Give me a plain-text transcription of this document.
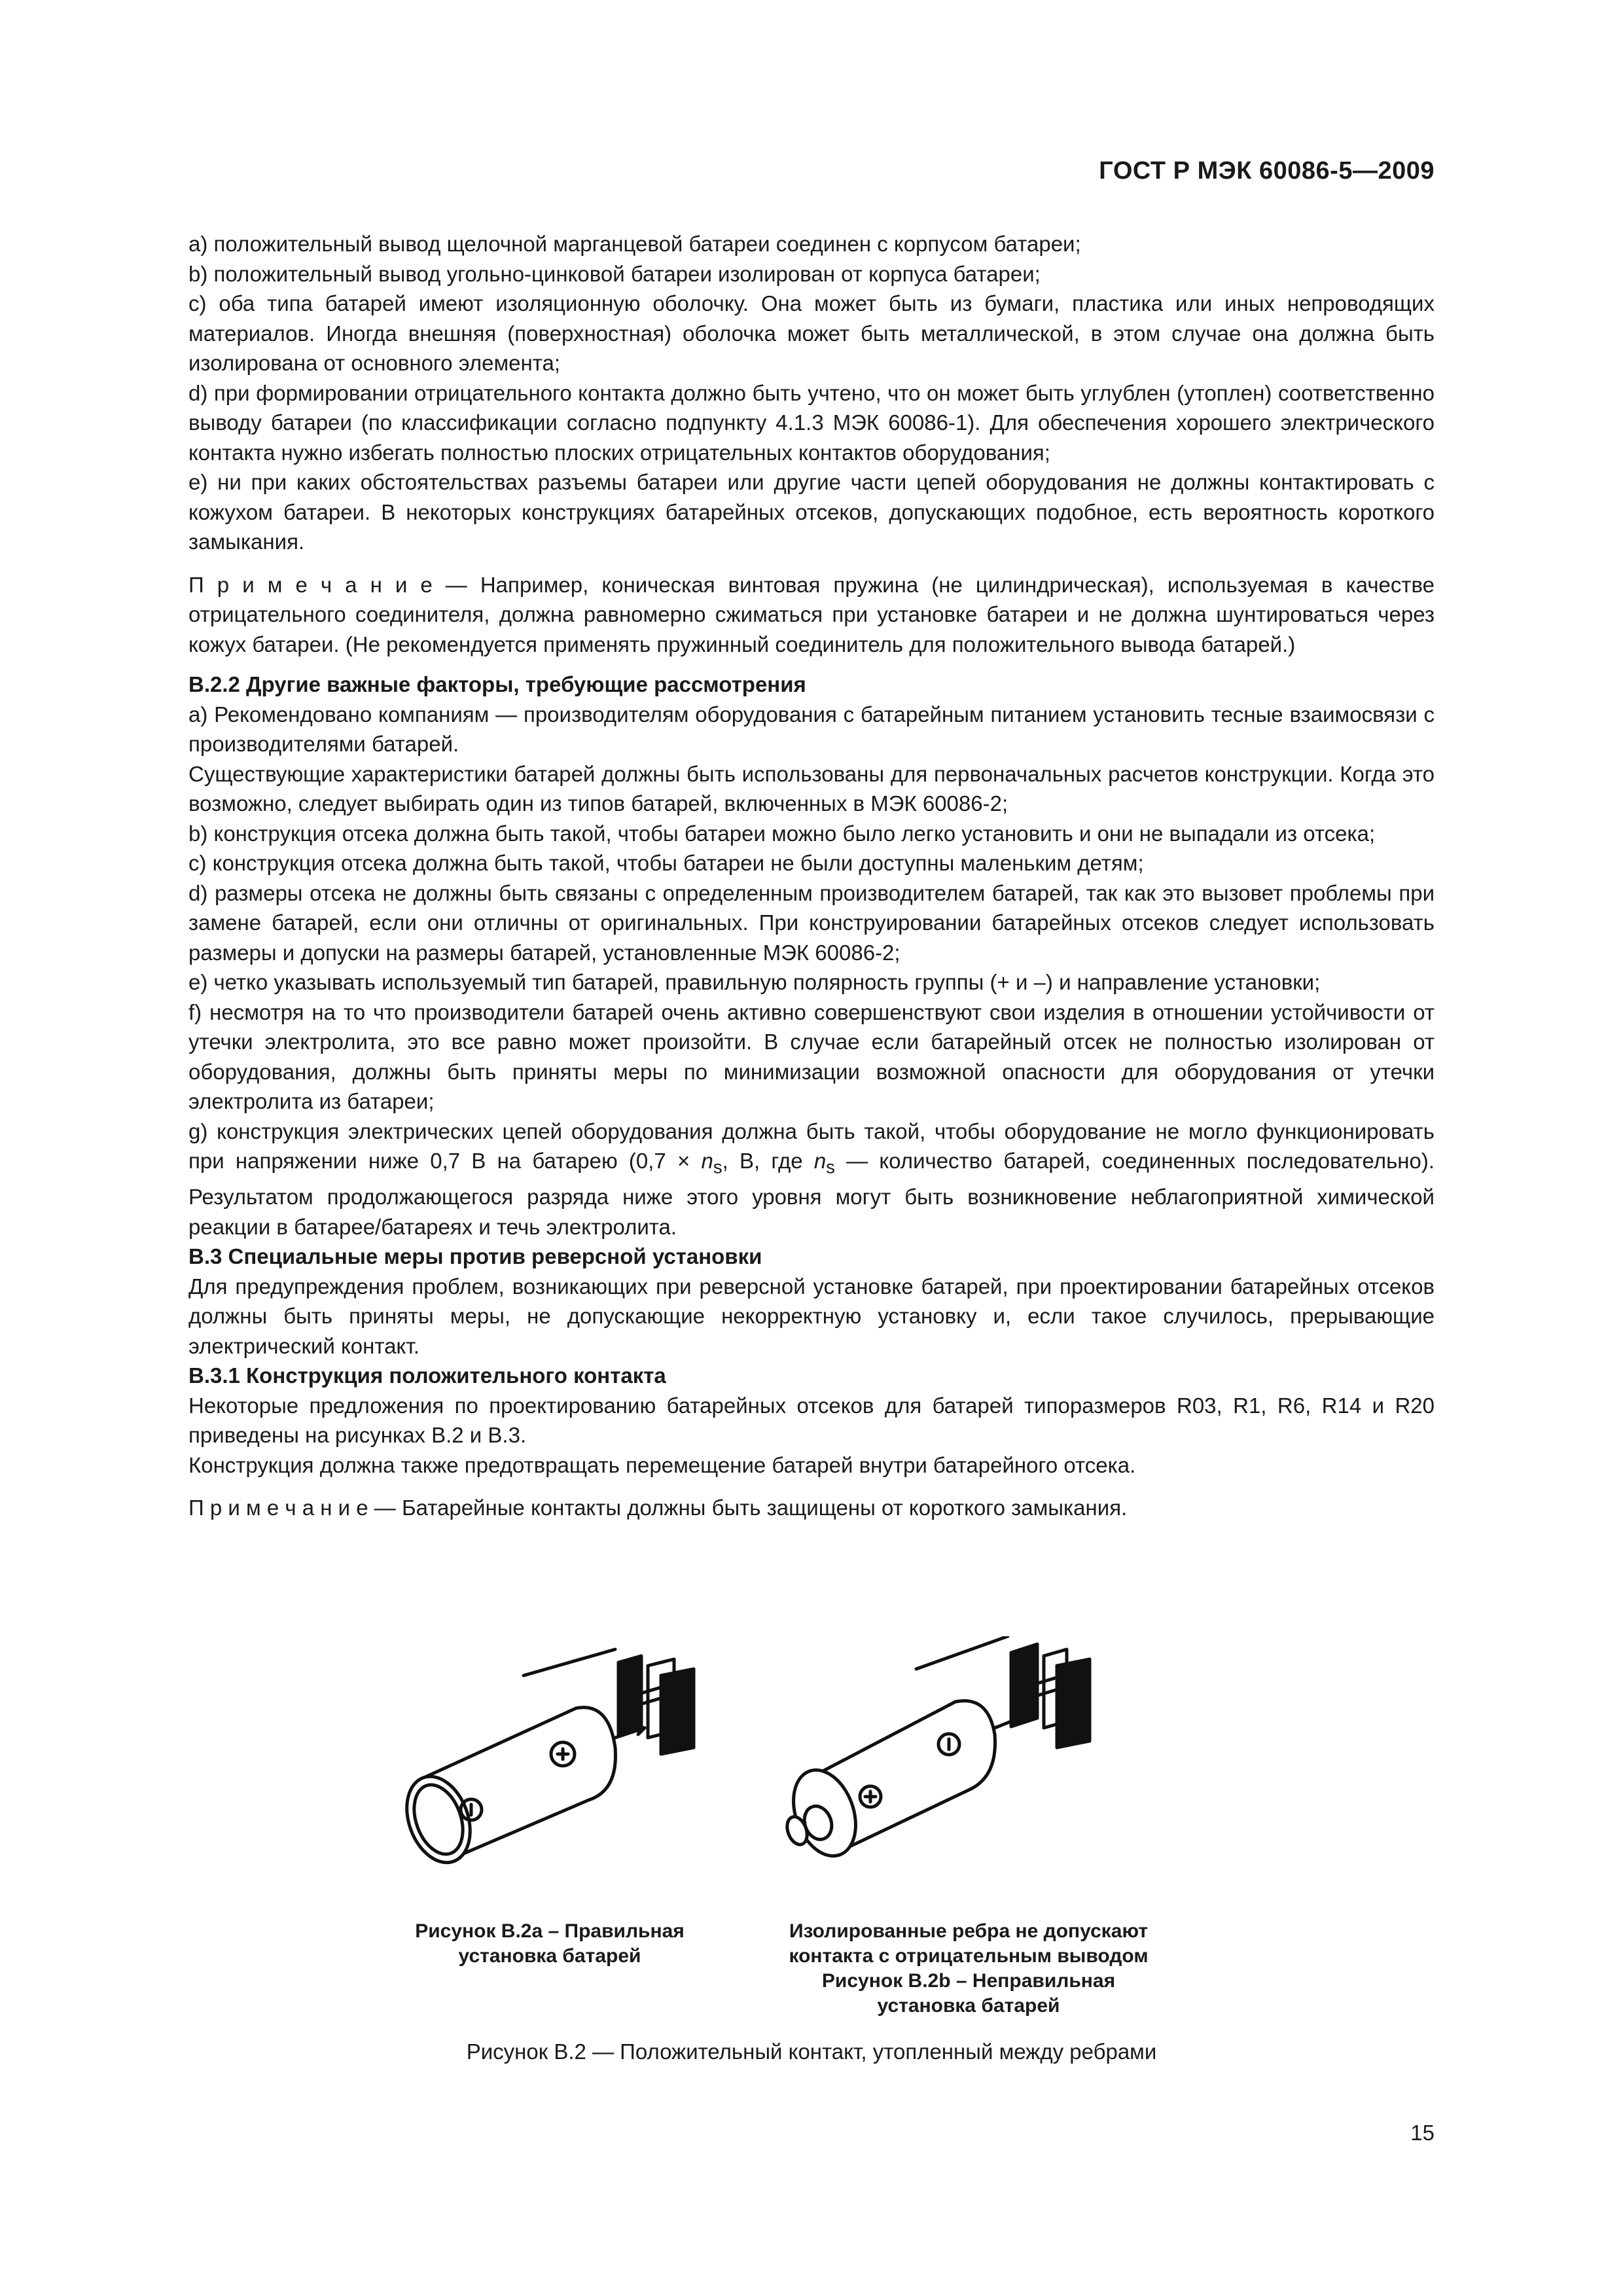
ГОСТ Р МЭК 60086-5—2009

a) положительный вывод щелочной марганцевой батареи соединен с корпусом батареи;

b) положительный вывод угольно-цинковой батареи изолирован от корпуса батареи;

с) оба типа батарей имеют изоляционную оболочку. Она может быть из бумаги, пластика или иных непроводящих материалов. Иногда внешняя (поверхностная) оболочка может быть металлической, в этом случае она должна быть изолирована от основного элемента;

d) при формировании отрицательного контакта должно быть учтено, что он может быть углублен (утоплен) соответственно выводу батареи (по классификации согласно подпункту 4.1.3 МЭК 60086-1). Для обеспечения хорошего электрического контакта нужно избегать полностью плоских отрицательных контактов оборудования;

е) ни при каких обстоятельствах разъемы батареи или другие части цепей оборудования не должны контактировать с кожухом батареи. В некоторых конструкциях батарейных отсеков, допускающих подобное, есть вероятность короткого замыкания.

П р и м е ч а н и е — Например, коническая винтовая пружина (не цилиндрическая), используемая в качестве отрицательного соединителя, должна равномерно сжиматься при установке батареи и не должна шунтироваться через кожух батареи. (Не рекомендуется применять пружинный соединитель для положительного вывода батарей.)

В.2.2 Другие важные факторы, требующие рассмотрения

а) Рекомендовано компаниям — производителям оборудования с батарейным питанием установить тесные взаимосвязи с производителями батарей.

Существующие характеристики батарей должны быть использованы для первоначальных расчетов конструкции. Когда это возможно, следует выбирать один из типов батарей, включенных в МЭК 60086-2;

b) конструкция отсека должна быть такой, чтобы батареи можно было легко установить и они не выпадали из отсека;

с) конструкция отсека должна быть такой, чтобы батареи не были доступны маленьким детям;

d) размеры отсека не должны быть связаны с определенным производителем батарей, так как это вызовет проблемы при замене батарей, если они отличны от оригинальных. При конструировании батарейных отсеков следует использовать размеры и допуски на размеры батарей, установленные МЭК 60086-2;

е) четко указывать используемый тип батарей, правильную полярность группы (+ и –) и направление установки;

f) несмотря на то что производители батарей очень активно совершенствуют свои изделия в отношении устойчивости от утечки электролита, это все равно может произойти. В случае если батарейный отсек не полностью изолирован от оборудования, должны быть приняты меры по минимизации возможной опасности для оборудования от утечки электролита из батареи;

g) конструкция электрических цепей оборудования должна быть такой, чтобы оборудование не могло функционировать при напряжении ниже 0,7 В на батарею ($0,7 \times n_s$, В, где $n_s$ — количество батарей, соединенных последовательно). Результатом продолжающегося разряда ниже этого уровня могут быть возникновение неблагоприятной химической реакции в батарее/батареях и течь электролита.

В.3 Специальные меры против реверсной установки

Для предупреждения проблем, возникающих при реверсной установке батарей, при проектировании батарейных отсеков должны быть приняты меры, не допускающие некорректную установку и, если такое случилось, прерывающие электрический контакт.

В.3.1 Конструкция положительного контакта

Некоторые предложения по проектированию батарейных отсеков для батарей типоразмеров R03, R1, R6, R14 и R20 приведены на рисунках В.2 и В.3.

Конструкция должна также предотвращать перемещение батарей внутри батарейного отсека.

П р и м е ч а н и е — Батарейные контакты должны быть защищены от короткого замыкания.

Рисунок В.2а – Правильная
установка батарей
Изолированные ребра не допускают
контакта с отрицательным выводом
Рисунок В.2b – Неправильная
установка батарей
Рисунок В.2 — Положительный контакт, утопленный между ребрами
15
